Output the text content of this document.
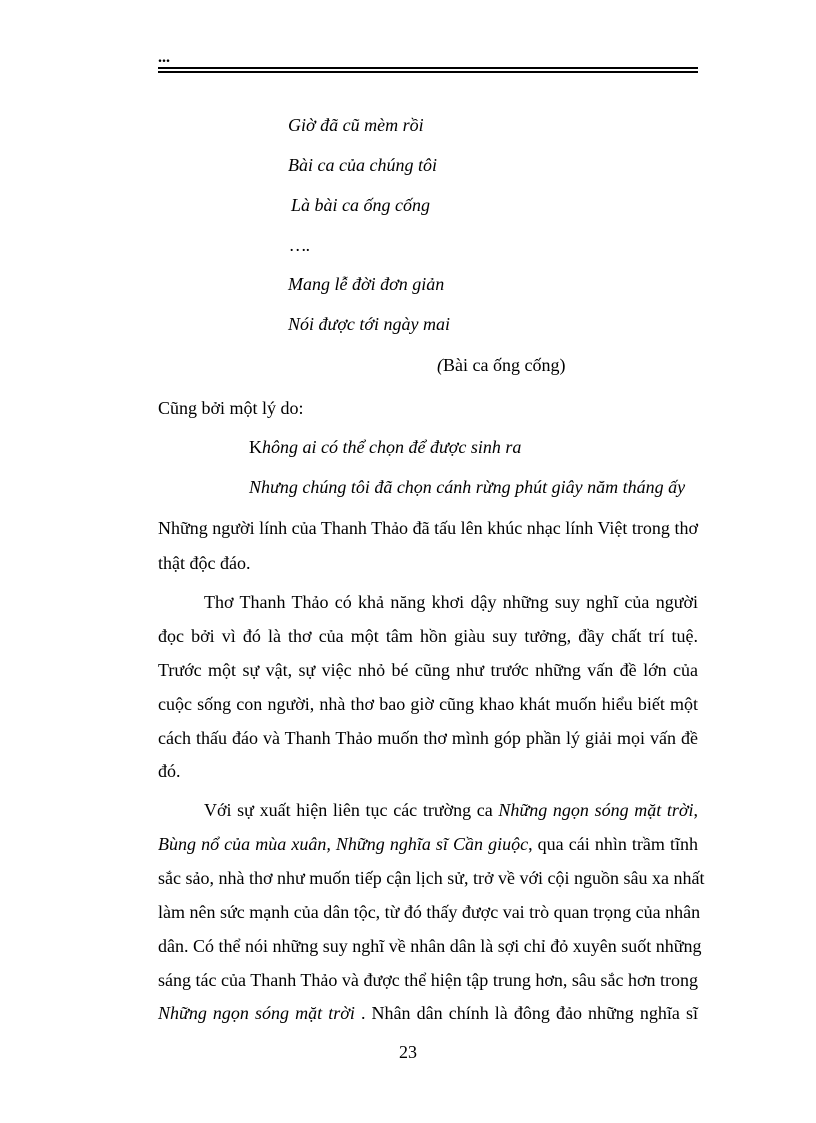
...
Giờ đã cũ mèm rồi
Bài ca của chúng tôi
Là bài ca ống cống
….
Mang lễ đời đơn giản
Nói được tới ngày mai
(Bài ca ống cống)
Cũng bởi một lý do:
Không ai có thể chọn để được sinh ra
Nhưng chúng tôi đã chọn cánh rừng phút giây năm tháng ấy
Những người lính của Thanh Thảo đã tấu lên khúc nhạc lính Việt trong thơ
thật độc đáo.
Thơ Thanh Thảo có khả năng khơi dậy những suy nghĩ của người
đọc bởi vì đó là thơ của một tâm hồn giàu suy tưởng, đầy chất trí tuệ.
Trước một sự vật, sự việc nhỏ bé cũng như trước những vấn đề lớn của
cuộc sống con người, nhà thơ bao giờ cũng khao khát muốn hiểu biết một
cách thấu đáo và Thanh Thảo muốn thơ mình góp phần lý giải mọi vấn đề
đó.
Với sự xuất hiện liên tục các trường ca Những ngọn sóng mặt trời,
Bùng nổ của mùa xuân, Những nghĩa sĩ Cần giuộc, qua cái nhìn trầm tĩnh
sắc sảo, nhà thơ như muốn tiếp cận lịch sử, trở về với cội nguồn sâu xa nhất
làm nên sức mạnh của dân tộc, từ đó thấy được vai trò quan trọng của nhân
dân. Có thể nói những suy nghĩ về nhân dân là sợi chỉ đỏ xuyên suốt những
sáng tác của Thanh Thảo và được thể hiện tập trung hơn, sâu sắc hơn trong
Những ngọn sóng mặt trời . Nhân dân chính là đông đảo những nghĩa sĩ
23
